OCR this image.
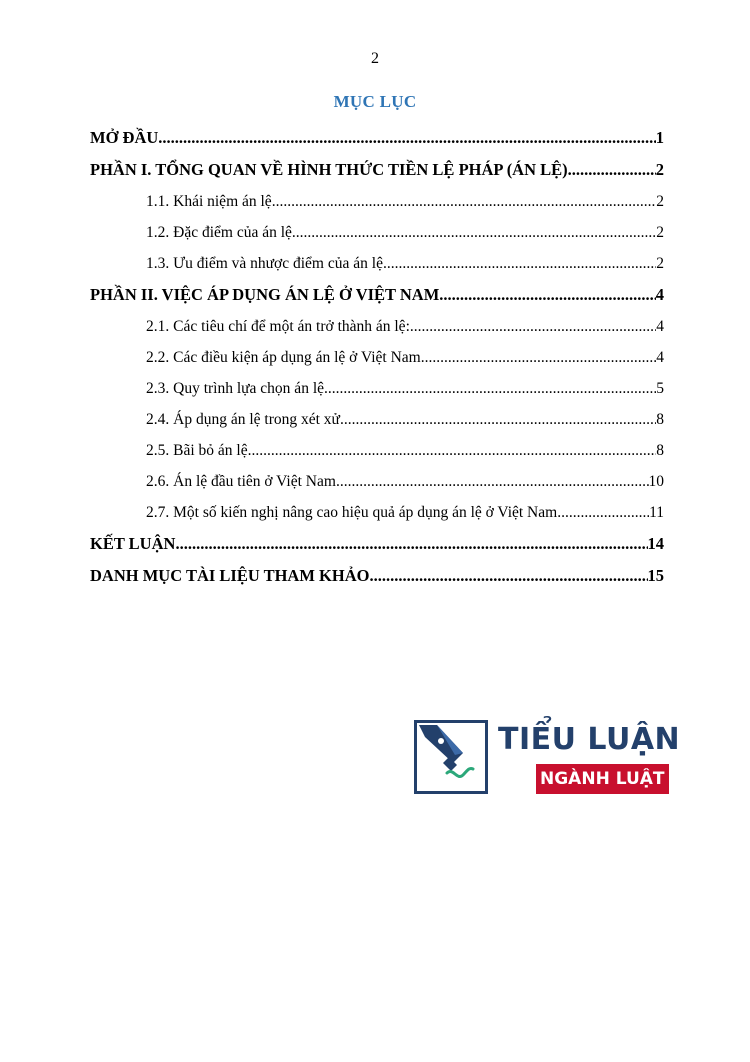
2
MỤC LỤC
MỞ ĐẦU .....	1
PHẦN I. TỔNG QUAN VỀ HÌNH THỨC TIỀN LỆ PHÁP (ÁN LỆ) .....	2
1.1. Khái niệm án lệ .....	2
1.2. Đặc điểm của án lệ .....	2
1.3. Ưu điểm và nhược điểm của án lệ .....	2
PHẦN II. VIỆC ÁP DỤNG ÁN LỆ Ở VIỆT NAM .....	4
2.1. Các tiêu chí để một án trở thành án lệ: .....	4
2.2. Các điều kiện áp dụng án lệ ở Việt Nam .....	4
2.3. Quy trình lựa chọn án lệ .....	5
2.4. Áp dụng án lệ trong xét xử .....	8
2.5. Bãi bỏ án lệ .....	8
2.6. Án lệ đầu tiên ở Việt Nam .....	10
2.7. Một số kiến nghị nâng cao hiệu quả áp dụng án lệ ở Việt Nam .....	11
KẾT LUẬN .....	14
DANH MỤC TÀI LIỆU THAM KHẢO .....	15
TIỂU LUẬN
NGÀNH LUẬT
